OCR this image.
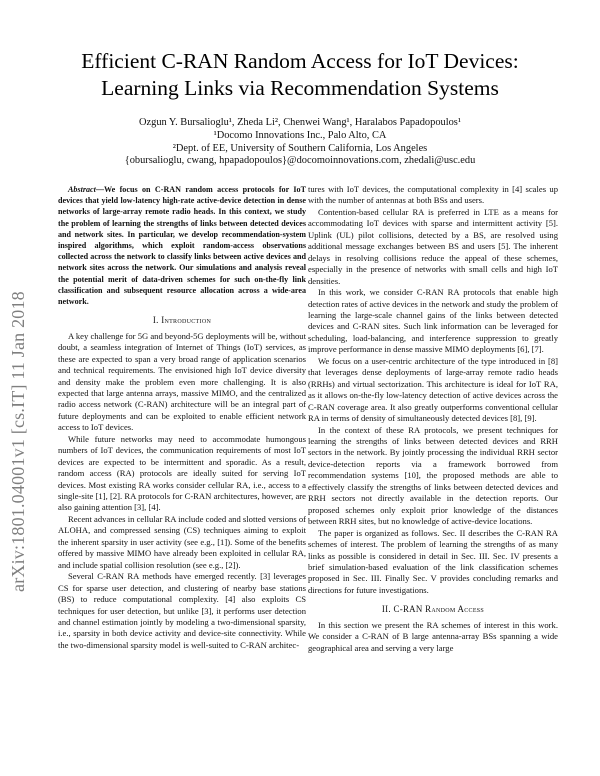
arXiv:1801.04001v1 [cs.IT] 11 Jan 2018
Efficient C-RAN Random Access for IoT Devices:
Learning Links via Recommendation Systems
Ozgun Y. Bursalioglu¹, Zheda Li², Chenwei Wang¹, Haralabos Papadopoulos¹
¹Docomo Innovations Inc., Palo Alto, CA
²Dept. of EE, University of Southern California, Los Angeles
{obursalioglu, cwang, hpapadopoulos}@docomoinnovations.com, zhedali@usc.edu

Abstract—We focus on C-RAN random access protocols for IoT devices that yield low-latency high-rate active-device detection in dense networks of large-array remote radio heads. In this context, we study the problem of learning the strengths of links between detected devices and network sites. In particular, we develop recommendation-system inspired algorithms, which exploit random-access observations collected across the network to classify links between active devices and network sites across the network. Our simulations and analysis reveal the potential merit of data-driven schemes for such on-the-fly link classification and subsequent resource allocation across a wide-area network.

I. Introduction

A key challenge for 5G and beyond-5G deployments will be, without doubt, a seamless integration of Internet of Things (IoT) services, as these are expected to span a very broad range of application scenarios and technical requirements. The envisioned high IoT device diversity and density make the problem even more challenging. It is also expected that large antenna arrays, massive MIMO, and the centralized radio access network (C-RAN) architecture will be an integral part of future deployments and can be exploited to enable efficient network access to IoT devices.

While future networks may need to accommodate humongous numbers of IoT devices, the communication requirements of most IoT devices are expected to be intermittent and sporadic. As a result, random access (RA) protocols are ideally suited for serving IoT devices. Most existing RA works consider cellular RA, i.e., access to a single-site [1], [2]. RA protocols for C-RAN architectures, however, are also gaining attention [3], [4].

Recent advances in cellular RA include coded and slotted versions of ALOHA, and compressed sensing (CS) techniques aiming to exploit the inherent sparsity in user activity (see e.g., [1]). Some of the benefits offered by massive MIMO have already been exploited in cellular RA, and include spatial collision resolution (see e.g., [2]).

Several C-RAN RA methods have emerged recently. [3] leverages CS for sparse user detection, and clustering of nearby base stations (BS) to reduce computational complexity. [4] also exploits CS techniques for user detection, but unlike [3], it performs user detection and channel estimation jointly by modeling a two-dimensional sparsity, i.e., sparsity in both device activity and device-site connectivity. While the two-dimensional sparsity model is well-suited to C-RAN architec-

tures with IoT devices, the computational complexity in [4] scales up with the number of antennas at both BSs and users.

Contention-based cellular RA is preferred in LTE as a means for accommodating IoT devices with sparse and intermittent activity [5]. Uplink (UL) pilot collisions, detected by a BS, are resolved using additional message exchanges between BS and users [5]. The inherent delays in resolving collisions reduce the appeal of these schemes, especially in the presence of networks with small cells and high IoT densities.

In this work, we consider C-RAN RA protocols that enable high detection rates of active devices in the network and study the problem of learning the large-scale channel gains of the links between detected devices and C-RAN sites. Such link information can be leveraged for scheduling, load-balancing, and interference suppression to greatly improve performance in dense massive MIMO deployments [6], [7].

We focus on a user-centric architecture of the type introduced in [8] that leverages dense deployments of large-array remote radio heads (RRHs) and virtual sectorization. This architecture is ideal for IoT RA, as it allows on-the-fly low-latency detection of active devices across the C-RAN coverage area. It also greatly outperforms conventional cellular RA in terms of density of simultaneously detected devices [8], [9].

In the context of these RA protocols, we present techniques for learning the strengths of links between detected devices and RRH sectors in the network. By jointly processing the individual RRH sector device-detection reports via a framework borrowed from recommendation systems [10], the proposed methods are able to effectively classify the strengths of links between detected devices and RRH sectors not directly available in the detection reports. Our proposed schemes only exploit prior knowledge of the distances between RRH sites, but no knowledge of active-device locations.

The paper is organized as follows. Sec. II describes the C-RAN RA schemes of interest. The problem of learning the strengths of as many links as possible is considered in detail in Sec. III. Sec. IV presents a brief simulation-based evaluation of the link classification schemes proposed in Sec. III. Finally Sec. V provides concluding remarks and directions for future investigations.

II. C-RAN Random Access

In this section we present the RA schemes of interest in this work. We consider a C-RAN of B large antenna-array BSs spanning a wide geographical area and serving a very large
